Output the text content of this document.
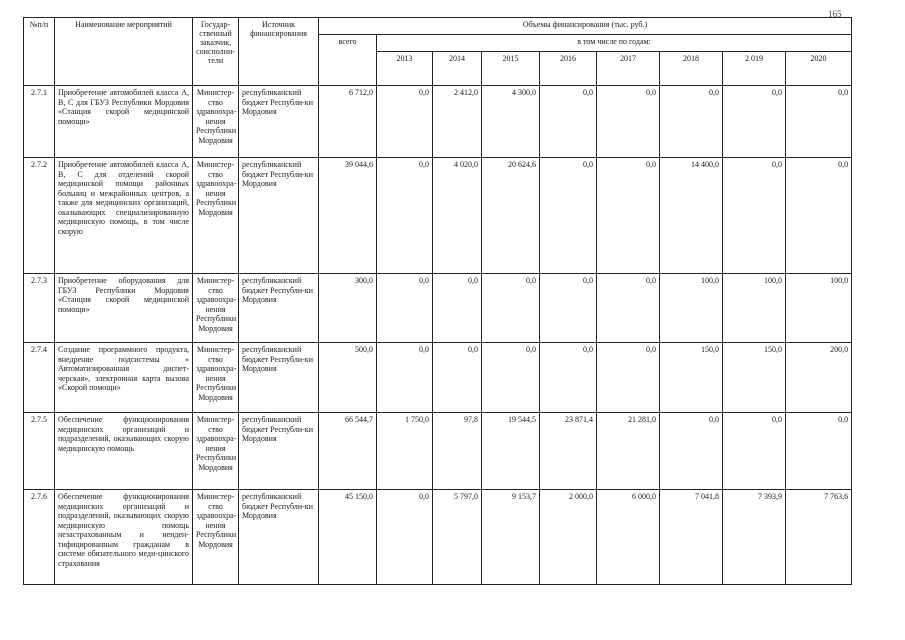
165
№п/п	Наименование мероприятий	Государ-ственный заказчик, соисполни-тели	Источник финансирования	Объемы финансирования (тыс. руб.)								
				всего	в том числе по годам:							
					2013	2014	2015	2016	2017	2018	2 019	2020
2.7.1	Приобретение автомобилей класса А, В, С для ГБУЗ Республики Мордовия «Станция скорой медицинской помощи»	Министер-ство здравоохра-нения Республики Мордовия	республиканский бюджет Республи-ки Мордовия	6 712,0	0,0	2 412,0	4 300,0	0,0	0,0	0,0	0,0	0,0
2.7.2	Приобретение автомобилей класса А, В, С для отделений скорой медицинской помощи районных больниц и межрайонных центров, а также для медицинских организаций, оказывающих специализированную медицинскую помощь, в том числе скорую	Министер-ство здравоохра-нения Республики Мордовия	республиканский бюджет Республи-ки Мордовия	39 044,6	0,0	4 020,0	20 624,6	0,0	0,0	14 400,0	0,0	0,0
2.7.3	Приобретение оборудования для ГБУЗ Республики Мордовия «Станция скорой медицинской помощи»	Министер-ство здравоохра-нения Республики Мордовия	республиканский бюджет Республи-ки Мордовия	300,0	0,0	0,0	0,0	0,0	0,0	100,0	100,0	100,0
2.7.4	Создание программного продукта, внедрение подсистемы « Автоматизированная диспет-черская», электронная карта вызова «Скорой помощи»	Министер-ство здравоохра-нения Республики Мордовия	республиканский бюджет Республи-ки Мордовия	500,0	0,0	0,0	0,0	0,0	0,0	150,0	150,0	200,0
2.7.5	Обеспечение функционирования медицинских организаций и подразделений, оказывающих скорую медицинскую помощь	Министер-ство здравоохра-нения Республики Мордовия	республиканский бюджет Республи-ки Мордовия	66 544,7	1 750,0	97,8	19 544,5	23 871,4	21 281,0	0,0	0,0	0,0
2.7.6	Обеспечение функционирования медицинских организаций и подразделений, оказывающих скорую медицинскую помощь незастрахованным и неиден-тифицированным гражданам в системе обязательного меди-цинского страхования	Министер-ство здравоохра-нения Республики Мордовия	республиканский бюджет Республи-ки Мордовия	45 150,0	0,0	5 797,0	9 153,7	2 000,0	6 000,0	7 041,8	7 393,9	7 763,6
